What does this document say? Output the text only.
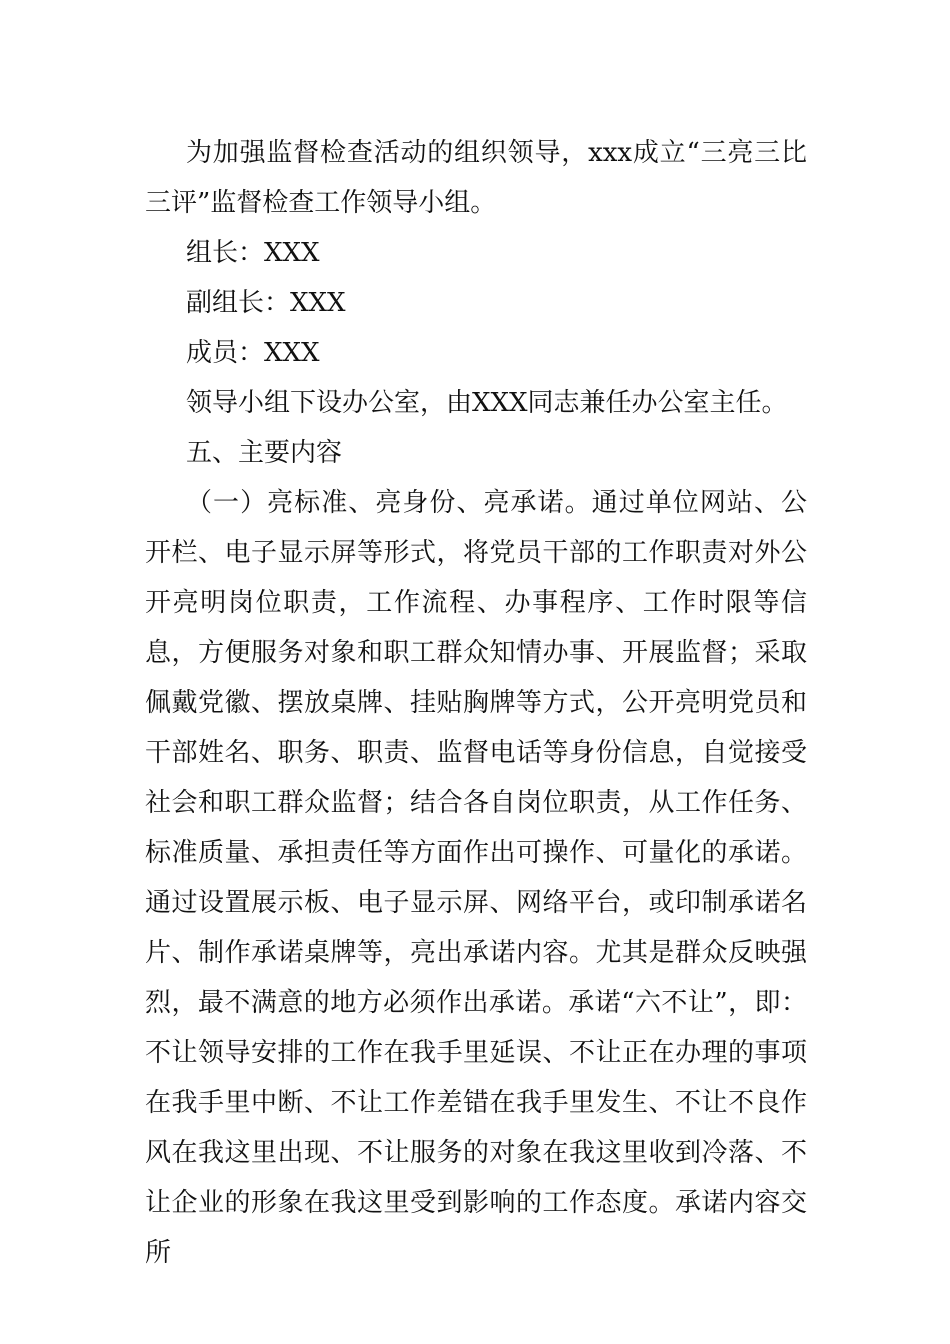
为加强监督检查活动的组织领导，xxx成立“三亮三比三评”监督检查工作领导小组。

组长：XXX

副组长：XXX

成员：XXX

领导小组下设办公室，由XXX同志兼任办公室主任。

五、主要内容

（一）亮标准、亮身份、亮承诺。通过单位网站、公开栏、电子显示屏等形式，将党员干部的工作职责对外公开亮明岗位职责，工作流程、办事程序、工作时限等信息，方便服务对象和职工群众知情办事、开展监督；采取佩戴党徽、摆放桌牌、挂贴胸牌等方式，公开亮明党员和干部姓名、职务、职责、监督电话等身份信息，自觉接受社会和职工群众监督；结合各自岗位职责，从工作任务、标准质量、承担责任等方面作出可操作、可量化的承诺。通过设置展示板、电子显示屏、网络平台，或印制承诺名片、制作承诺桌牌等，亮出承诺内容。尤其是群众反映强烈，最不满意的地方必须作出承诺。承诺“六不让”，即：不让领导安排的工作在我手里延误、不让正在办理的事项在我手里中断、不让工作差错在我手里发生、不让不良作风在我这里出现、不让服务的对象在我这里收到冷落、不让企业的形象在我这里受到影响的工作态度。承诺内容交所
